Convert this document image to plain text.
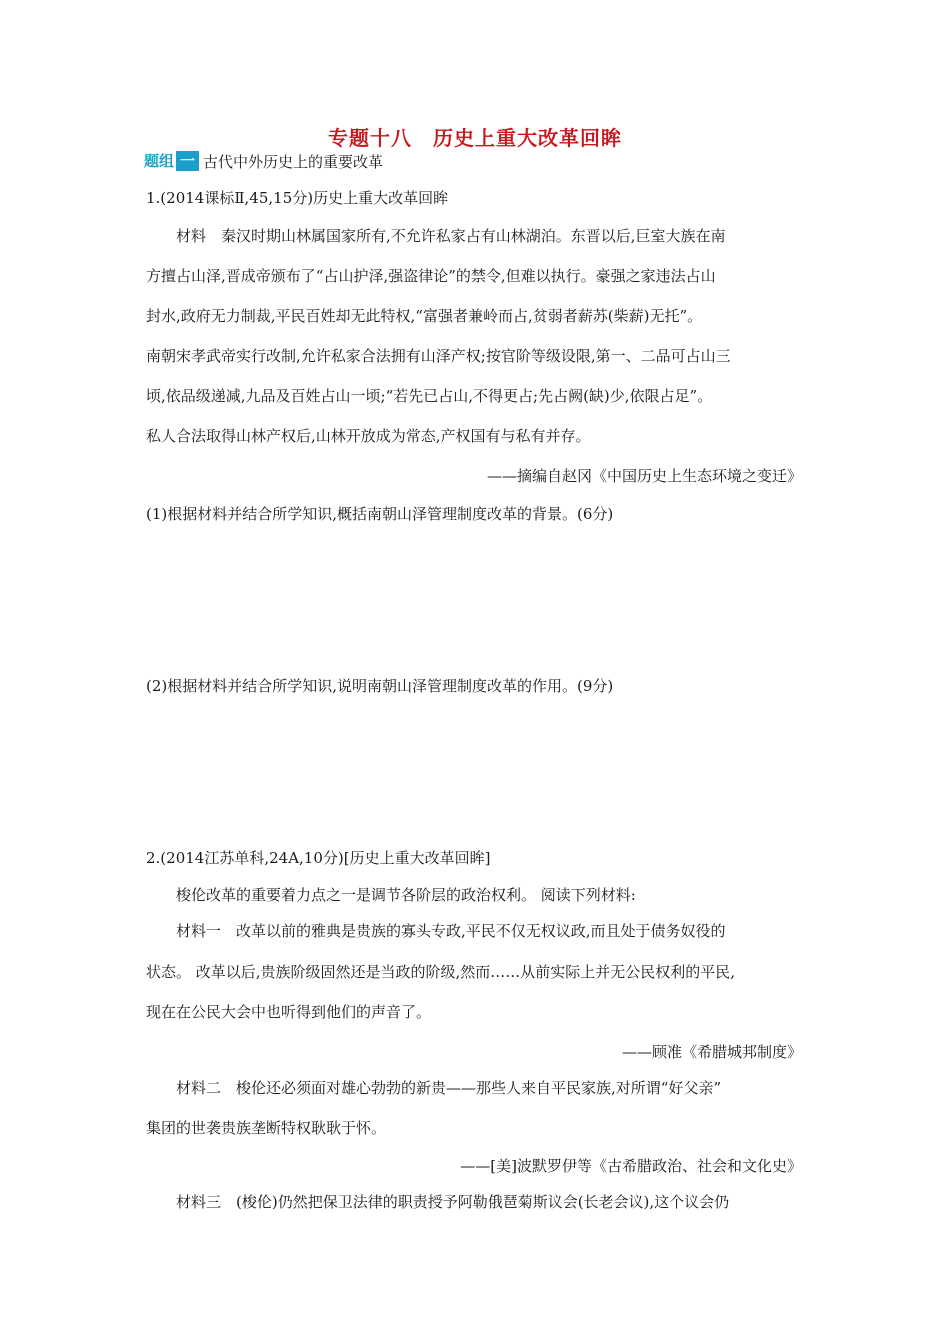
专题十八　历史上重大改革回眸
题组 一 古代中外历史上的重要改革
1.(2014课标Ⅱ,45,15分)历史上重大改革回眸
材料　秦汉时期山林属国家所有,不允许私家占有山林湖泊。东晋以后,巨室大族在南
方擅占山泽,晋成帝颁布了“占山护泽,强盗律论”的禁令,但难以执行。豪强之家违法占山
封水,政府无力制裁,平民百姓却无此特权,“富强者兼岭而占,贫弱者薪苏(柴薪)无托”。
南朝宋孝武帝实行改制,允许私家合法拥有山泽产权;按官阶等级设限,第一、二品可占山三
顷,依品级递减,九品及百姓占山一顷;“若先已占山,不得更占;先占阙(缺)少,依限占足”。
私人合法取得山林产权后,山林开放成为常态,产权国有与私有并存。
——摘编自赵冈《中国历史上生态环境之变迁》
(1)根据材料并结合所学知识,概括南朝山泽管理制度改革的背景。(6分)
(2)根据材料并结合所学知识,说明南朝山泽管理制度改革的作用。(9分)
2.(2014江苏单科,24A,10分)[历史上重大改革回眸]
梭伦改革的重要着力点之一是调节各阶层的政治权利。 阅读下列材料:
材料一　改革以前的雅典是贵族的寡头专政,平民不仅无权议政,而且处于债务奴役的
状态。 改革以后,贵族阶级固然还是当政的阶级,然而……从前实际上并无公民权利的平民,
现在在公民大会中也听得到他们的声音了。
——顾准《希腊城邦制度》
材料二　梭伦还必须面对雄心勃勃的新贵——那些人来自平民家族,对所谓“好父亲”
集团的世袭贵族垄断特权耿耿于怀。
——[美]波默罗伊等《古希腊政治、社会和文化史》
材料三　(梭伦)仍然把保卫法律的职责授予阿勒俄琶菊斯议会(长老会议),这个议会仍
